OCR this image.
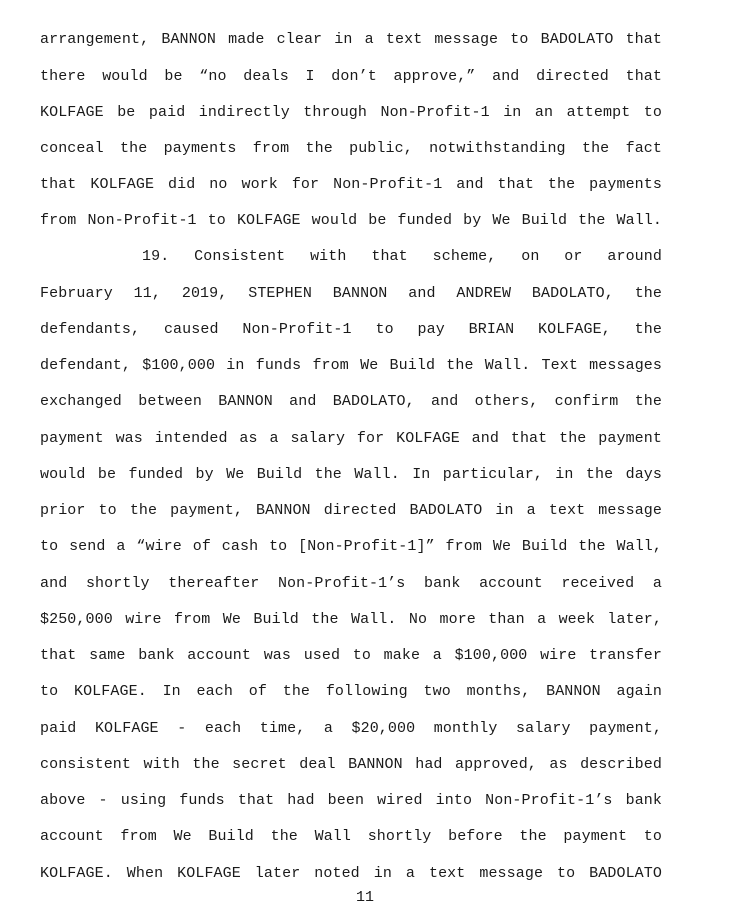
arrangement, BANNON made clear in a text message to BADOLATO that
there would be “no deals I don’t approve,” and directed that
KOLFAGE be paid indirectly through Non-Profit-1 in an attempt to
conceal the payments from the public, notwithstanding the fact
that KOLFAGE did no work for Non-Profit-1 and that the payments
from Non-Profit-1 to KOLFAGE would be funded by We Build the Wall.
19. Consistent with that scheme, on or around
February 11, 2019, STEPHEN BANNON and ANDREW BADOLATO, the
defendants, caused Non-Profit-1 to pay BRIAN KOLFAGE, the
defendant, $100,000 in funds from We Build the Wall. Text messages
exchanged between BANNON and BADOLATO, and others, confirm the
payment was intended as a salary for KOLFAGE and that the payment
would be funded by We Build the Wall. In particular, in the days
prior to the payment, BANNON directed BADOLATO in a text message
to send a “wire of cash to [Non-Profit-1]” from We Build the Wall,
and shortly thereafter Non-Profit-1’s bank account received a
$250,000 wire from We Build the Wall. No more than a week later,
that same bank account was used to make a $100,000 wire transfer
to KOLFAGE. In each of the following two months, BANNON again
paid KOLFAGE - each time, a $20,000 monthly salary payment,
consistent with the secret deal BANNON had approved, as described
above - using funds that had been wired into Non-Profit-1’s bank
account from We Build the Wall shortly before the payment to
KOLFAGE. When KOLFAGE later noted in a text message to BADOLATO
11
